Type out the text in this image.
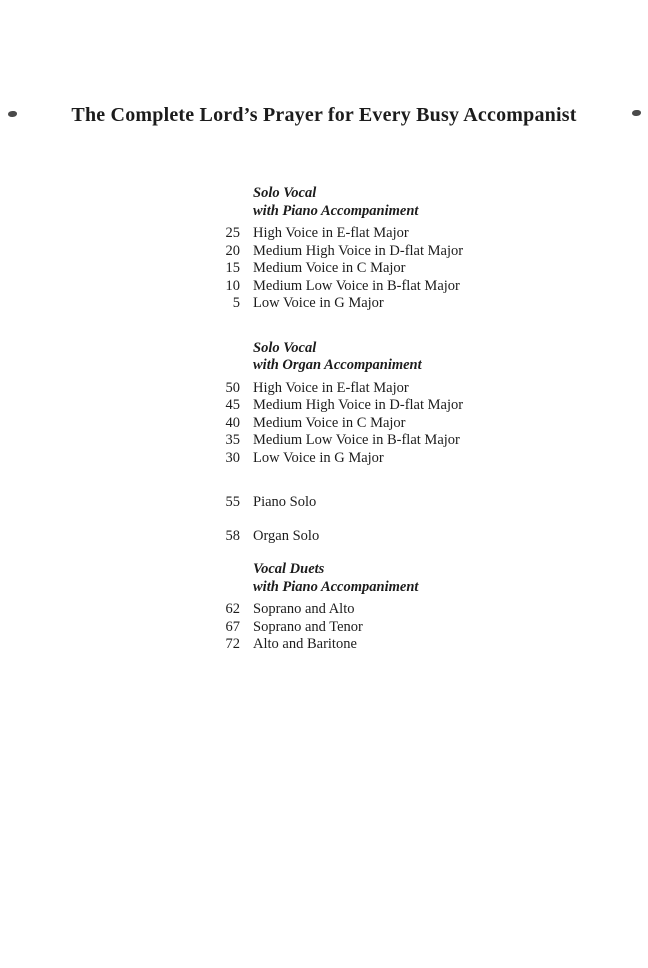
The Complete Lord’s Prayer for Every Busy Accompanist
Solo Vocal
with Piano Accompaniment
25 High Voice in E-flat Major
20 Medium High Voice in D-flat Major
15 Medium Voice in C Major
10 Medium Low Voice in B-flat Major
5 Low Voice in G Major
Solo Vocal
with Organ Accompaniment
50 High Voice in E-flat Major
45 Medium High Voice in D-flat Major
40 Medium Voice in C Major
35 Medium Low Voice in B-flat Major
30 Low Voice in G Major
55 Piano Solo
58 Organ Solo
Vocal Duets
with Piano Accompaniment
62 Soprano and Alto
67 Soprano and Tenor
72 Alto and Baritone
